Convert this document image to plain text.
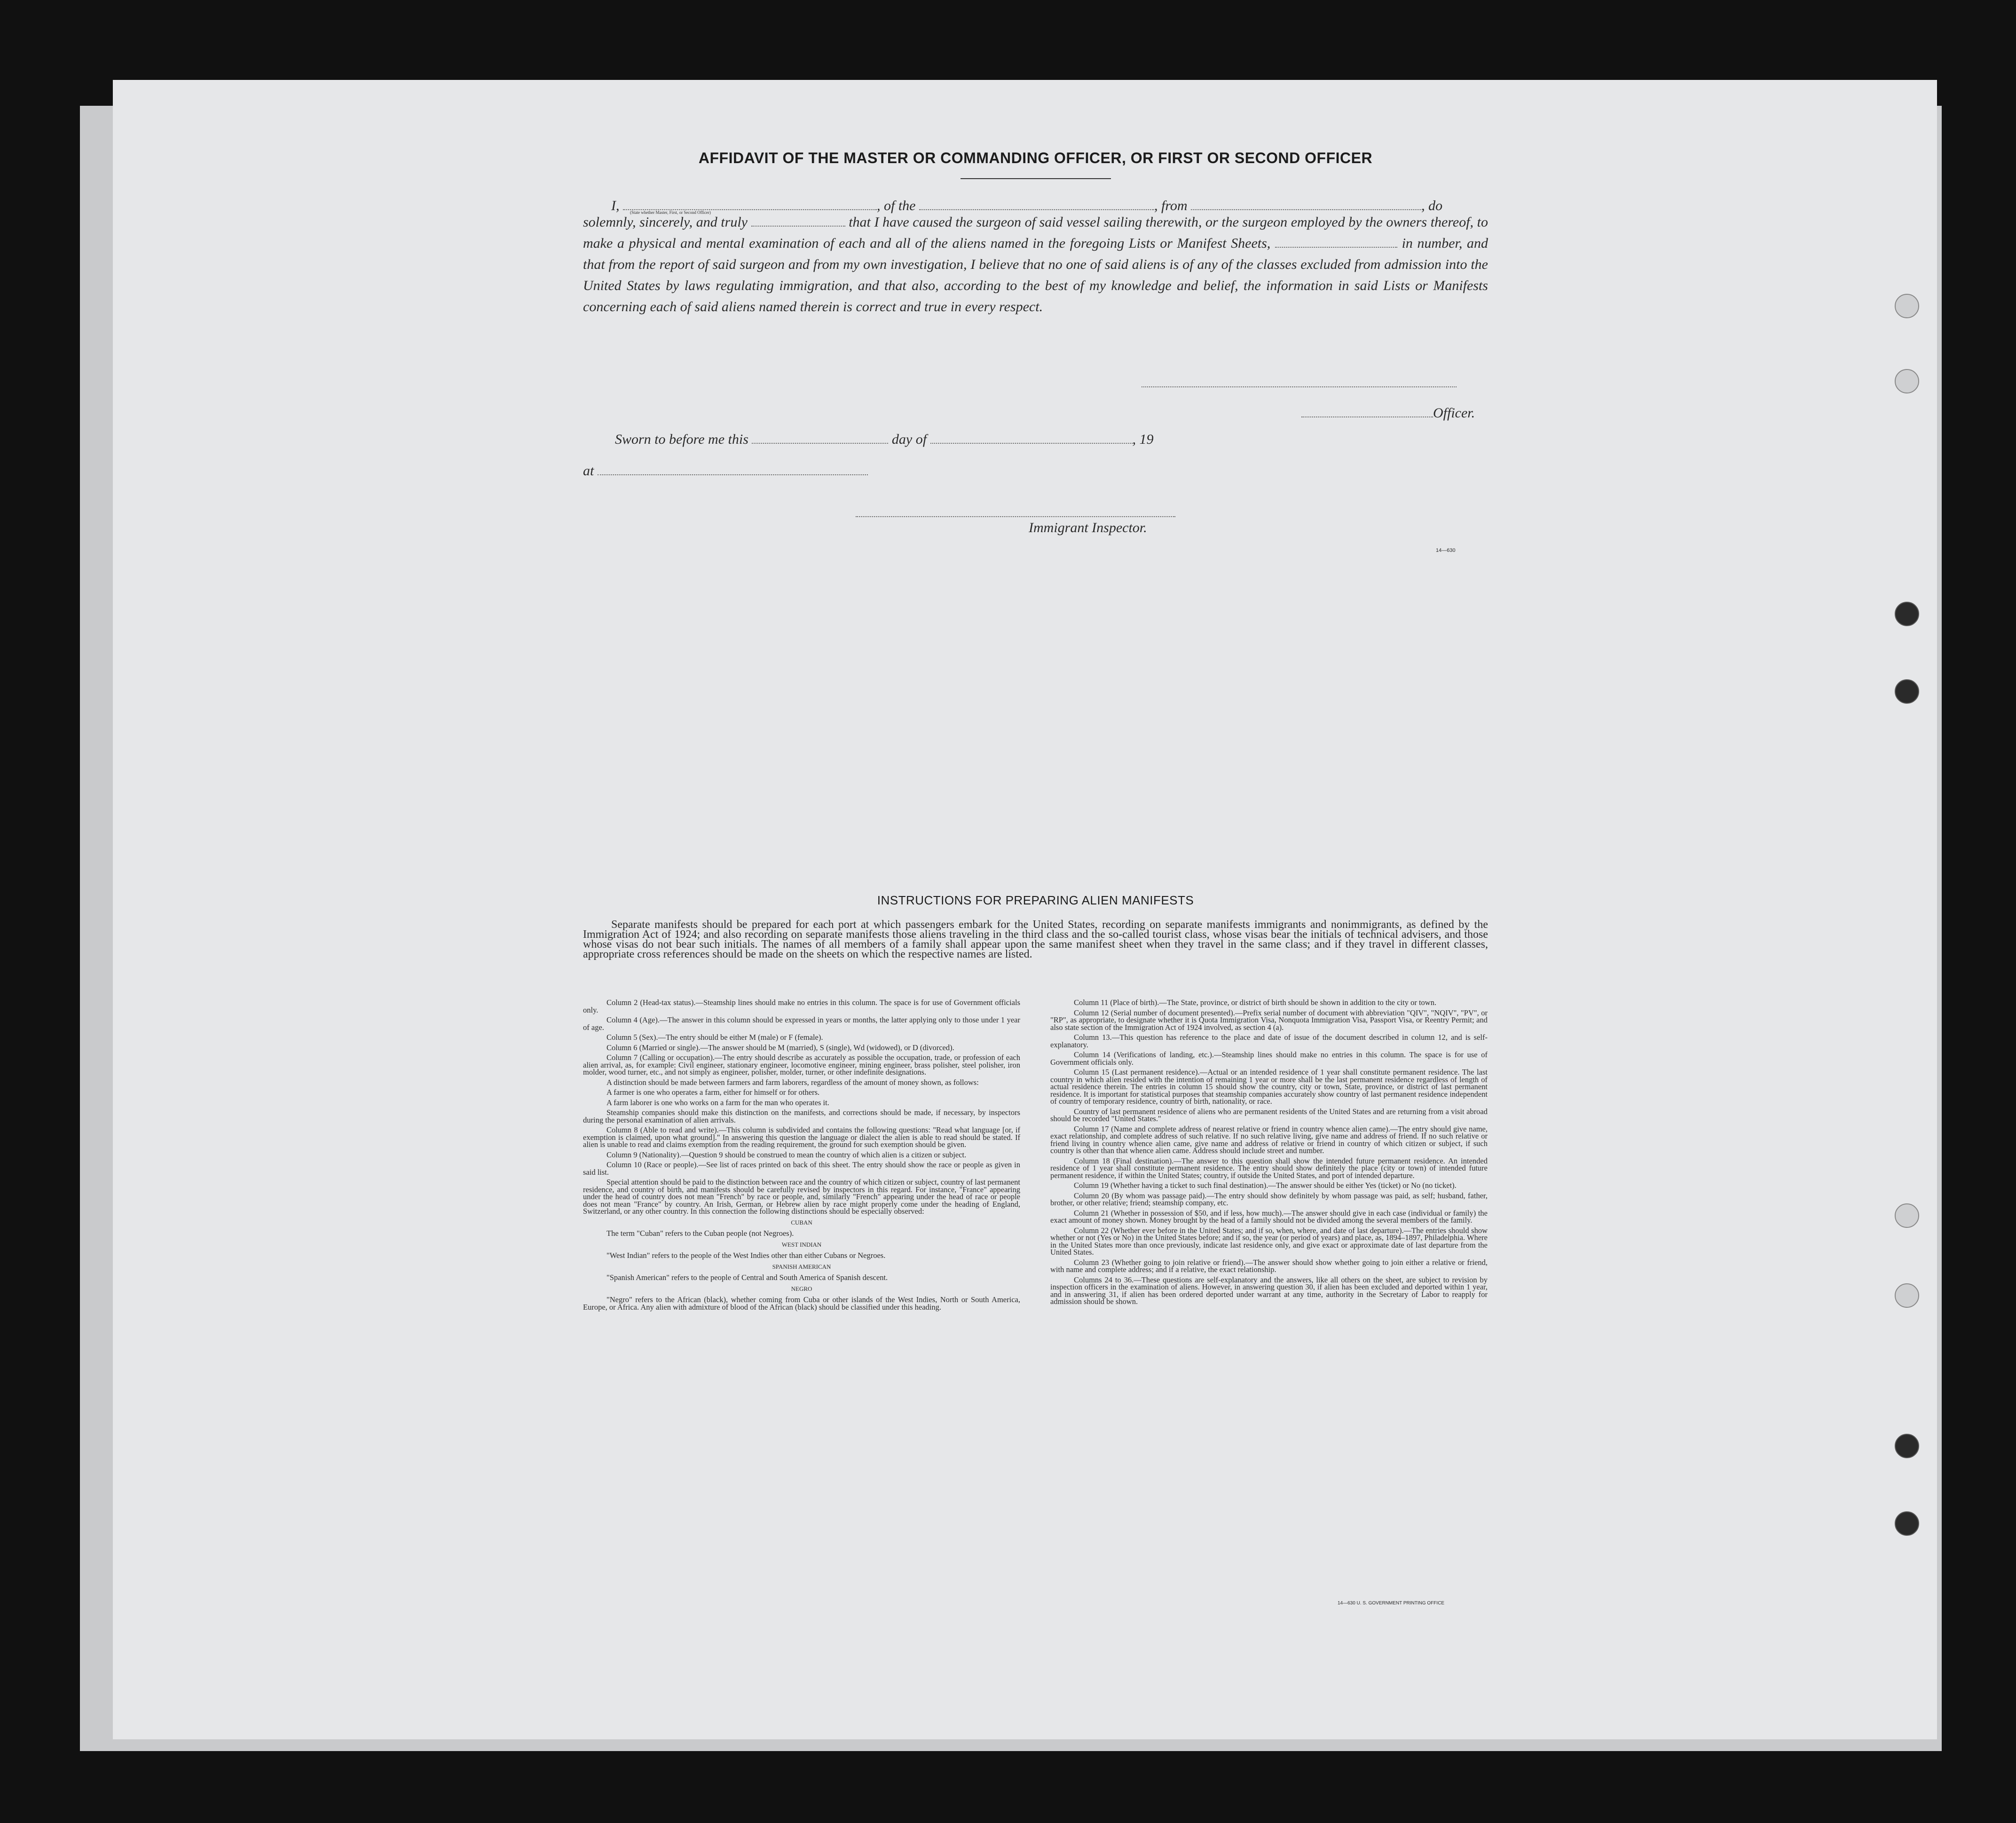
AFFIDAVIT OF THE MASTER OR COMMANDING OFFICER, OR FIRST OR SECOND OFFICER
I,	, of the	, from	, do
(State whether Master, First, or Second Officer)
solemnly, sincerely, and truly	that I have caused the surgeon of said vessel sailing therewith, or the surgeon employed by the owners thereof, to make a physical and mental examination of each and all of the aliens named in the foregoing Lists or Manifest Sheets,	in number, and that from the report of said surgeon and from my own investigation, I believe that no one of said aliens is of any of the classes excluded from admission into the United States by laws regulating immigration, and that also, according to the best of my knowledge and belief, the information in said Lists or Manifests concerning each of said aliens named therein is correct and true in every respect.
Officer.
Sworn to before me this	day of	, 19
at
Immigrant Inspector.
14—630
INSTRUCTIONS FOR PREPARING ALIEN MANIFESTS
Separate manifests should be prepared for each port at which passengers embark for the United States, recording on separate manifests immigrants and nonimmigrants, as defined by the Immigration Act of 1924; and also recording on separate manifests those aliens traveling in the third class and the so-called tourist class, whose visas bear the initials of technical advisers, and those whose visas do not bear such initials. The names of all members of a family shall appear upon the same manifest sheet when they travel in the same class; and if they travel in different classes, appropriate cross references should be made on the sheets on which the respective names are listed.

Column 2 (Head-tax status).—Steamship lines should make no entries in this column. The space is for use of Government officials only.

Column 4 (Age).—The answer in this column should be expressed in years or months, the latter applying only to those under 1 year of age.

Column 5 (Sex).—The entry should be either M (male) or F (female).

Column 6 (Married or single).—The answer should be M (married), S (single), Wd (widowed), or D (divorced).

Column 7 (Calling or occupation).—The entry should describe as accurately as possible the occupation, trade, or profession of each alien arrival, as, for example: Civil engineer, stationary engineer, locomotive engineer, mining engineer, brass polisher, steel polisher, iron molder, wood turner, etc., and not simply as engineer, polisher, molder, turner, or other indefinite designations.

A distinction should be made between farmers and farm laborers, regardless of the amount of money shown, as follows:

A farmer is one who operates a farm, either for himself or for others.

A farm laborer is one who works on a farm for the man who operates it.

Steamship companies should make this distinction on the manifests, and corrections should be made, if necessary, by inspectors during the personal examination of alien arrivals.

Column 8 (Able to read and write).—This column is subdivided and contains the following questions: "Read what language [or, if exemption is claimed, upon what ground]." In answering this question the language or dialect the alien is able to read should be stated. If alien is unable to read and claims exemption from the reading requirement, the ground for such exemption should be given.

Column 9 (Nationality).—Question 9 should be construed to mean the country of which alien is a citizen or subject.

Column 10 (Race or people).—See list of races printed on back of this sheet. The entry should show the race or people as given in said list.

Special attention should be paid to the distinction between race and the country of which citizen or subject, country of last permanent residence, and country of birth, and manifests should be carefully revised by inspectors in this regard. For instance, "France" appearing under the head of country does not mean "French" by race or people, and, similarly "French" appearing under the head of race or people does not mean "France" by country. An Irish, German, or Hebrew alien by race might properly come under the heading of England, Switzerland, or any other country. In this connection the following distinctions should be especially observed:

CUBAN

The term "Cuban" refers to the Cuban people (not Negroes).

WEST INDIAN

"West Indian" refers to the people of the West Indies other than either Cubans or Negroes.

SPANISH AMERICAN

"Spanish American" refers to the people of Central and South America of Spanish descent.

NEGRO

"Negro" refers to the African (black), whether coming from Cuba or other islands of the West Indies, North or South America, Europe, or Africa. Any alien with admixture of blood of the African (black) should be classified under this heading.

Column 11 (Place of birth).—The State, province, or district of birth should be shown in addition to the city or town.

Column 12 (Serial number of document presented).—Prefix serial number of document with abbreviation "QIV", "NQIV", "PV", or "RP", as appropriate, to designate whether it is Quota Immigration Visa, Nonquota Immigration Visa, Passport Visa, or Reentry Permit; and also state section of the Immigration Act of 1924 involved, as section 4 (a).

Column 13.—This question has reference to the place and date of issue of the document described in column 12, and is self-explanatory.

Column 14 (Verifications of landing, etc.).—Steamship lines should make no entries in this column. The space is for use of Government officials only.

Column 15 (Last permanent residence).—Actual or an intended residence of 1 year shall constitute permanent residence. The last country in which alien resided with the intention of remaining 1 year or more shall be the last permanent residence regardless of length of actual residence therein. The entries in column 15 should show the country, city or town, State, province, or district of last permanent residence. It is important for statistical purposes that steamship companies accurately show country of last permanent residence independent of country of temporary residence, country of birth, nationality, or race.

Country of last permanent residence of aliens who are permanent residents of the United States and are returning from a visit abroad should be recorded "United States."

Column 17 (Name and complete address of nearest relative or friend in country whence alien came).—The entry should give name, exact relationship, and complete address of such relative. If no such relative living, give name and address of friend. If no such relative or friend living in country whence alien came, give name and address of relative or friend in country of which citizen or subject, if such country is other than that whence alien came. Address should include street and number.

Column 18 (Final destination).—The answer to this question shall show the intended future permanent residence. An intended residence of 1 year shall constitute permanent residence. The entry should show definitely the place (city or town) of intended future permanent residence, if within the United States; country, if outside the United States, and port of intended departure.

Column 19 (Whether having a ticket to such final destination).—The answer should be either Yes (ticket) or No (no ticket).

Column 20 (By whom was passage paid).—The entry should show definitely by whom passage was paid, as self; husband, father, brother, or other relative; friend; steamship company, etc.

Column 21 (Whether in possession of $50, and if less, how much).—The answer should give in each case (individual or family) the exact amount of money shown. Money brought by the head of a family should not be divided among the several members of the family.

Column 22 (Whether ever before in the United States; and if so, when, where, and date of last departure).—The entries should show whether or not (Yes or No) in the United States before; and if so, the year (or period of years) and place, as, 1894–1897, Philadelphia. Where in the United States more than once previously, indicate last residence only, and give exact or approximate date of last departure from the United States.

Column 23 (Whether going to join relative or friend).—The answer should show whether going to join either a relative or friend, with name and complete address; and if a relative, the exact relationship.

Columns 24 to 36.—These questions are self-explanatory and the answers, like all others on the sheet, are subject to revision by inspection officers in the examination of aliens. However, in answering question 30, if alien has been excluded and deported within 1 year, and in answering 31, if alien has been ordered deported under warrant at any time, authority in the Secretary of Labor to reapply for admission should be shown.

14—630 U. S. GOVERNMENT PRINTING OFFICE
